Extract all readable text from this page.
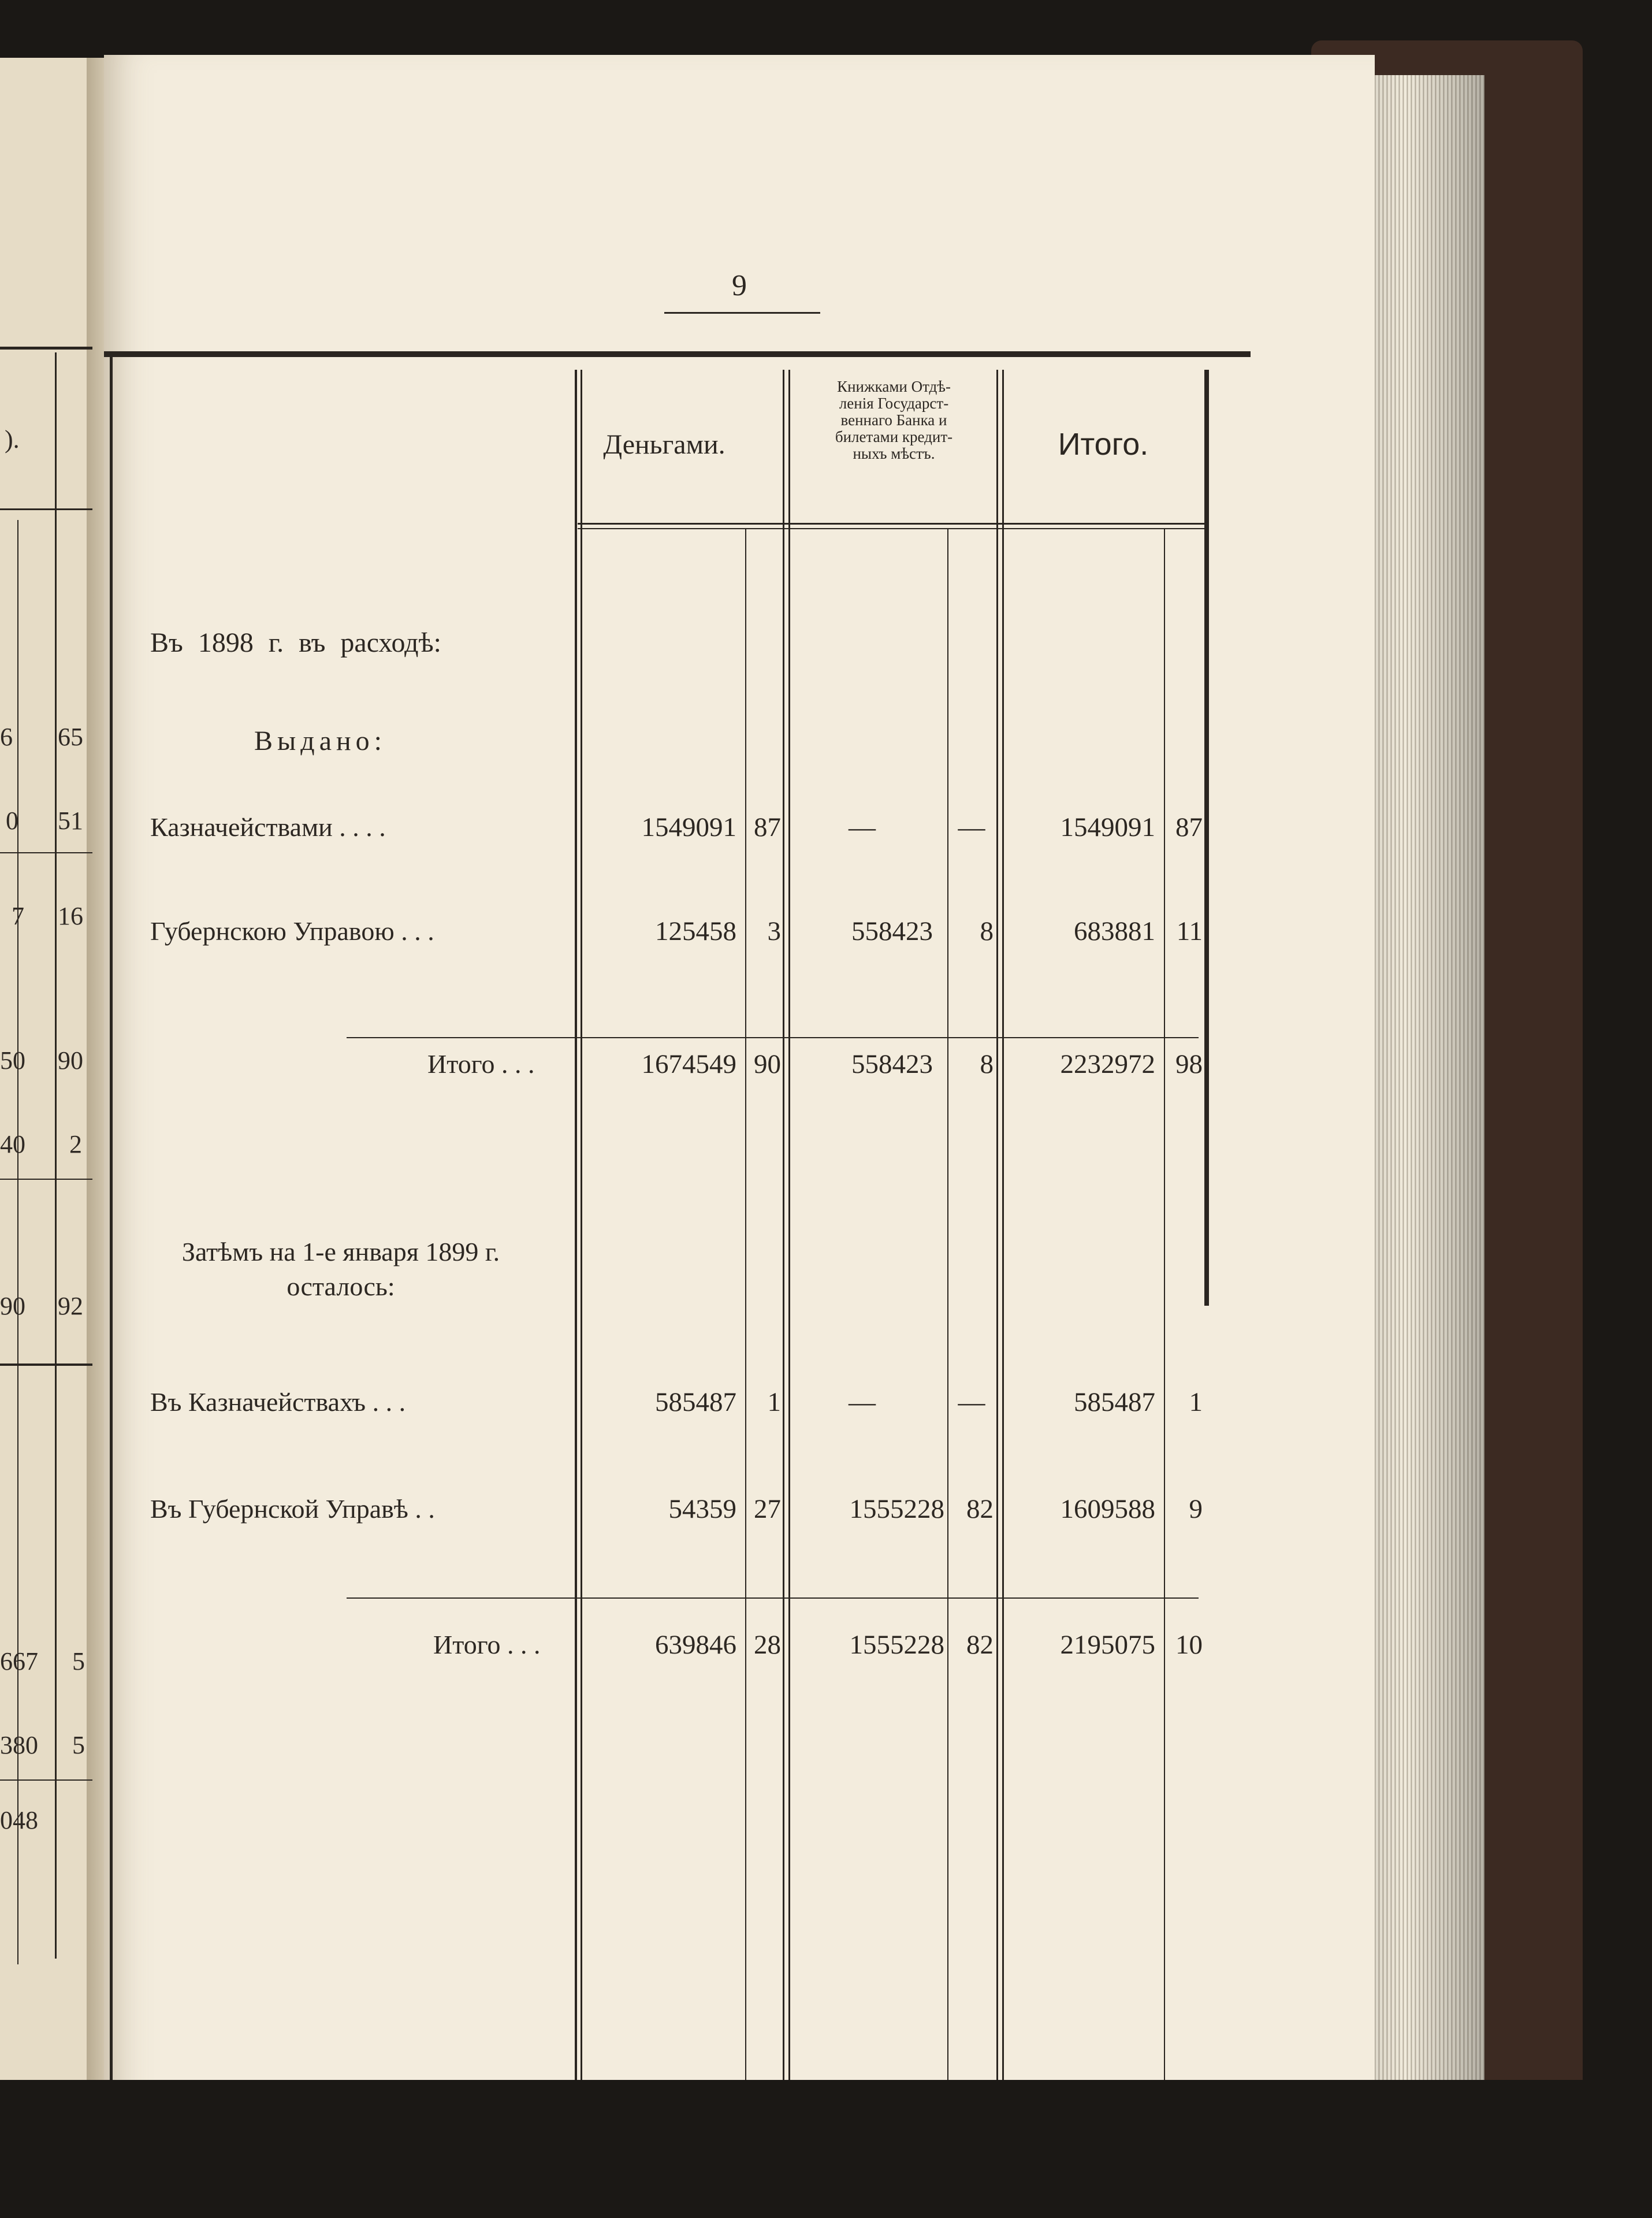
).
6 65
0 51
7 16
50 90
40 2
90 92
667 5
380 5
048
9
Деньгами.
Книжками Отдѣ-
ленія Государст-
веннаго Банка и
билетами кредит-
ныхъ мѣстъ.	Итого.
Въ 1898 г. въ расходѣ:
Выдано:
Казначействами . . . .	1549091 87	—	—	1549091 87
Губернскою Управою . . .	125458	3	558423	8	683881 11
Итого . . .	1674549 90	558423	8	2232972 98
Затѣмъ на 1-е января 1899 г.
осталось:
Въ Казначействахъ . . .	585487	1	—	—	585487	1
Въ Губернской Управѣ . .	54359 27	1555228 82	1609588	9
Итого . . .	639846 28	1555228 82	2195075 10
